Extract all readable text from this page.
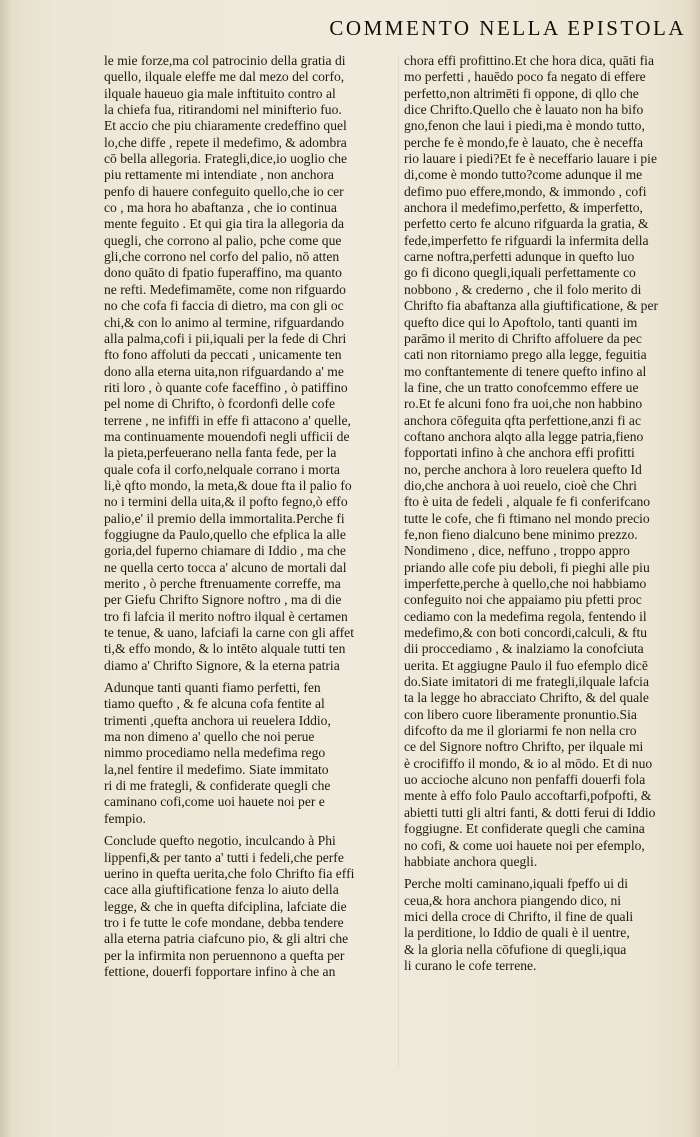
COMMENTO NELLA EPISTOLA
le mie forze,ma col patrocinio della gratia di
quello, ilquale eleffe me dal mezo del corfo,
ilquale haueuo gia male inftituito contro al
la chiefa fua, ritirandomi nel minifterio fuo.
Et accio che piu chiaramente credeffino quel
lo,che diffe , repete il medefimo, & adombra
cō bella allegoria. Frategli,dice,io uoglio che
piu rettamente mi intendiate , non anchora
penfo di hauere confeguito quello,che io cer
co , ma hora ho abaftanza , che io continua
mente feguito . Et qui gia tira la allegoria da
quegli, che corrono al palio, pche come que
gli,che corrono nel corfo del palio, nō atten
dono quāto di fpatio fuperaffino, ma quanto
ne refti. Medefimamēte, come non rifguardo
no che cofa fi faccia di dietro, ma con gli oc
chi,& con lo animo al termine, rifguardando
alla palma,cofi i pii,iquali per la fede di Chri
fto fono affoluti da peccati , unicamente ten
dono alla eterna uita,non rifguardando a' me
riti loro , ò quante cofe faceffino , ò patiffino
pel nome di Chrifto, ò fcordonfi delle cofe
terrene , ne infiffi in effe fi attacono a' quelle,
ma continuamente mouendofi negli ufficii de
la pieta,perfeuerano nella fanta fede, per la
quale cofa il corfo,nelquale corrano i morta
li,è qfto mondo, la meta,& doue fta il palio fo
no i termini della uita,& il pofto fegno,ò effo
palio,e' il premio della immortalita.Perche fi
foggiugne da Paulo,quello che efplica la alle
goria,del fuperno chiamare di Iddio , ma che
ne quella certo tocca a' alcuno de mortali dal
merito , ò perche ftrenuamente correffe, ma
per Giefu Chrifto Signore noftro , ma di die
tro fi lafcia il merito noftro ilqual è certamen
te tenue, & uano, lafciafi la carne con gli affet
ti,& effo mondo, & lo intēto alquale tutti ten
diamo a' Chrifto Signore, & la eterna patria
Adunque tanti quanti fiamo perfetti, fen
tiamo quefto , & fe alcuna cofa fentite al
trimenti ,quefta anchora ui reuelera Iddio,
ma non dimeno a' quello che noi perue
nimmo procediamo nella medefima rego
la,nel fentire il medefimo. Siate immitato
ri di me frategli, & confiderate quegli che
caminano cofi,come uoi hauete noi per e
fempio.
Conclude quefto negotio, inculcando à Phi
lippenfi,& per tanto a' tutti i fedeli,che perfe
uerino in quefta uerita,che folo Chrifto fia effi
cace alla giuftificatione fenza lo aiuto della
legge, & che in quefta difciplina, lafciate die
tro i fe tutte le cofe mondane, debba tendere
alla eterna patria ciafcuno pio, & gli altri che
per la infirmita non peruennono a quefta per
fettione, douerfi fopportare infino à che an
chora effi profittino.Et che hora dica, quāti fia
mo perfetti , hauēdo poco fa negato di effere
perfetto,non altrimēti fi oppone, di qllo che
dice Chrifto.Quello che è lauato non ha bifo
gno,fenon che laui i piedi,ma è mondo tutto,
perche fe è mondo,fe è lauato, che è neceffa
rio lauare i piedi?Et fe è neceffario lauare i pie
di,come è mondo tutto?come adunque il me
defimo puo effere,mondo, & immondo , cofi
anchora il medefimo,perfetto, & imperfetto,
perfetto certo fe alcuno rifguarda la gratia, &
fede,imperfetto fe rifguardi la infermita della
carne noftra,perfetti adunque in quefto luo
go fi dicono quegli,iquali perfettamente co
nobbono , & crederno , che il folo merito di
Chrifto fia abaftanza alla giuftificatione, & per
quefto dice qui lo Apoftolo, tanti quanti im
parāmo il merito di Chrifto affoluere da pec
cati non ritorniamo prego alla legge, feguitia
mo conftantemente di tenere quefto infino al
la fine, che un tratto conofcemmo effere ue
ro.Et fe alcuni fono fra uoi,che non habbino
anchora cōfeguita qfta perfettione,anzi fi ac
coftano anchora alqto alla legge patria,fieno
fopportati infino à che anchora effi profitti
no, perche anchora à loro reuelera quefto Id
dio,che anchora à uoi reuelo, cioè che Chri
fto è uita de fedeli , alquale fe fi conferifcano
tutte le cofe, che fi ftimano nel mondo precio
fe,non fieno dialcuno bene minimo prezzo.
Nondimeno , dice, neffuno , troppo appro
priando alle cofe piu deboli, fi pieghi alle piu
imperfette,perche à quello,che noi habbiamo
confeguito noi che appaiamo piu pfetti proc
cediamo con la medefima regola, fentendo il
medefimo,& con boti concordi,calculi, & ftu
dii proccediamo , & inalziamo la conofciuta
uerita. Et aggiugne Paulo il fuo efemplo dicē
do.Siate imitatori di me frategli,ilquale lafcia
ta la legge ho abracciato Chrifto, & del quale
con libero cuore liberamente pronuntio.Sia
difcofto da me il gloriarmi fe non nella cro
ce del Signore noftro Chrifto, per ilquale mi
è crocififfo il mondo, & io al mōdo. Et di nuo
uo accioche alcuno non penfaffi douerfi fola
mente à effo folo Paulo accoftarfi,pofpofti, &
abietti tutti gli altri fanti, & dotti ferui di Iddio
foggiugne. Et confiderate quegli che camina
no cofi, & come uoi hauete noi per efemplo,
habbiate anchora quegli.
Perche molti caminano,iquali fpeffo ui di
ceua,& hora anchora piangendo dico, ni
mici della croce di Chrifto, il fine de quali
la perditione, lo Iddio de quali è il uentre,
& la gloria nella cōfufione di quegli,iqua
li curano le cofe terrene.
